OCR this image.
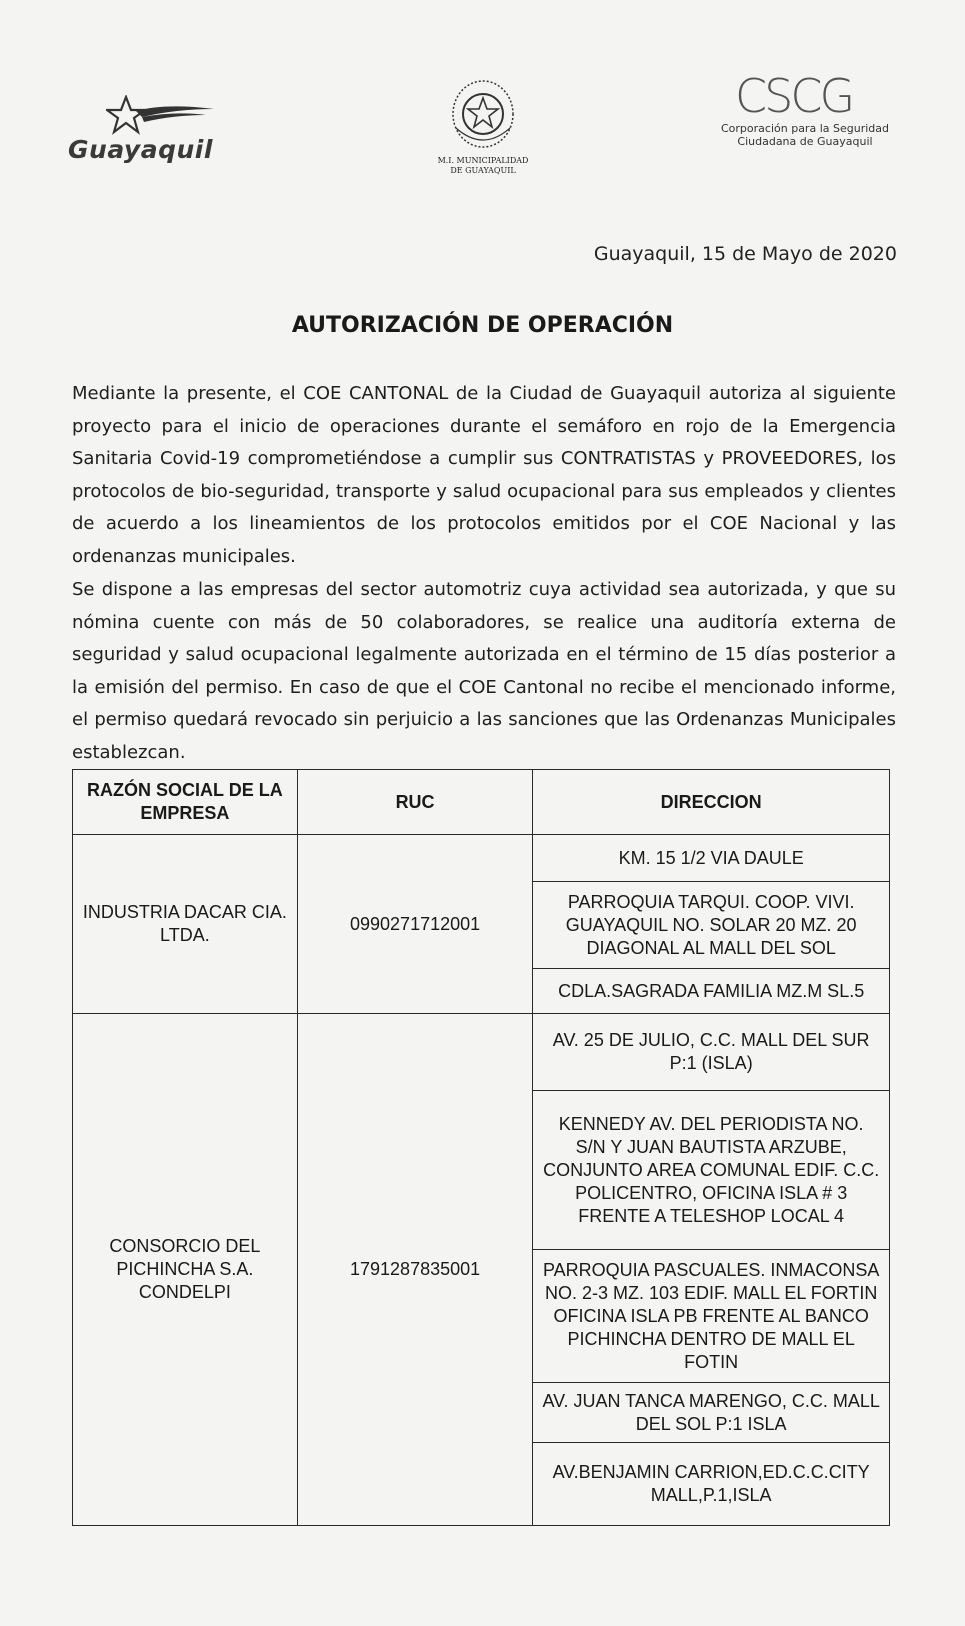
Guayaquil	M.I. MUNICIPALIDAD
DE GUAYAQUIL
CSCG
Corporación para la Seguridad
Ciudadana de Guayaquil
Guayaquil, 15 de Mayo de 2020
AUTORIZACIÓN DE OPERACIÓN

Mediante la presente, el COE CANTONAL de la Ciudad de Guayaquil autoriza al siguiente proyecto para el inicio de operaciones durante el semáforo en rojo de la Emergencia Sanitaria Covid-19 comprometiéndose a cumplir sus CONTRATISTAS y PROVEEDORES, los protocolos de bio-seguridad, transporte y salud ocupacional para sus empleados y clientes de acuerdo a los lineamientos de los protocolos emitidos por el COE Nacional y las ordenanzas municipales.

Se dispone a las empresas del sector automotriz cuya actividad sea autorizada, y que su nómina cuente con más de 50 colaboradores, se realice una auditoría externa de seguridad y salud ocupacional legalmente autorizada en el término de 15 días posterior a la emisión del permiso. En caso de que el COE Cantonal no recibe el mencionado informe, el permiso quedará revocado sin perjuicio a las sanciones que las Ordenanzas Municipales establezcan.

RAZÓN SOCIAL DE LA EMPRESA	RUC	DIRECCION
INDUSTRIA DACAR CIA. LTDA.	0990271712001	KM. 15 1/2 VIA DAULE
		PARROQUIA TARQUI. COOP. VIVI. GUAYAQUIL NO. SOLAR 20 MZ. 20 DIAGONAL AL MALL DEL SOL
		CDLA.SAGRADA FAMILIA MZ.M SL.5
CONSORCIO DEL PICHINCHA S.A. CONDELPI	1791287835001	AV. 25 DE JULIO, C.C. MALL DEL SUR P:1 (ISLA)
		KENNEDY AV. DEL PERIODISTA NO. S/N Y JUAN BAUTISTA ARZUBE, CONJUNTO AREA COMUNAL EDIF. C.C. POLICENTRO, OFICINA ISLA # 3 FRENTE A TELESHOP LOCAL 4
		PARROQUIA PASCUALES. INMACONSA NO. 2-3 MZ. 103 EDIF. MALL EL FORTIN OFICINA ISLA PB FRENTE AL BANCO PICHINCHA DENTRO DE MALL EL FOTIN
		AV. JUAN TANCA MARENGO, C.C. MALL DEL SOL P:1 ISLA
		AV.BENJAMIN CARRION,ED.C.C.CITY MALL,P.1,ISLA
